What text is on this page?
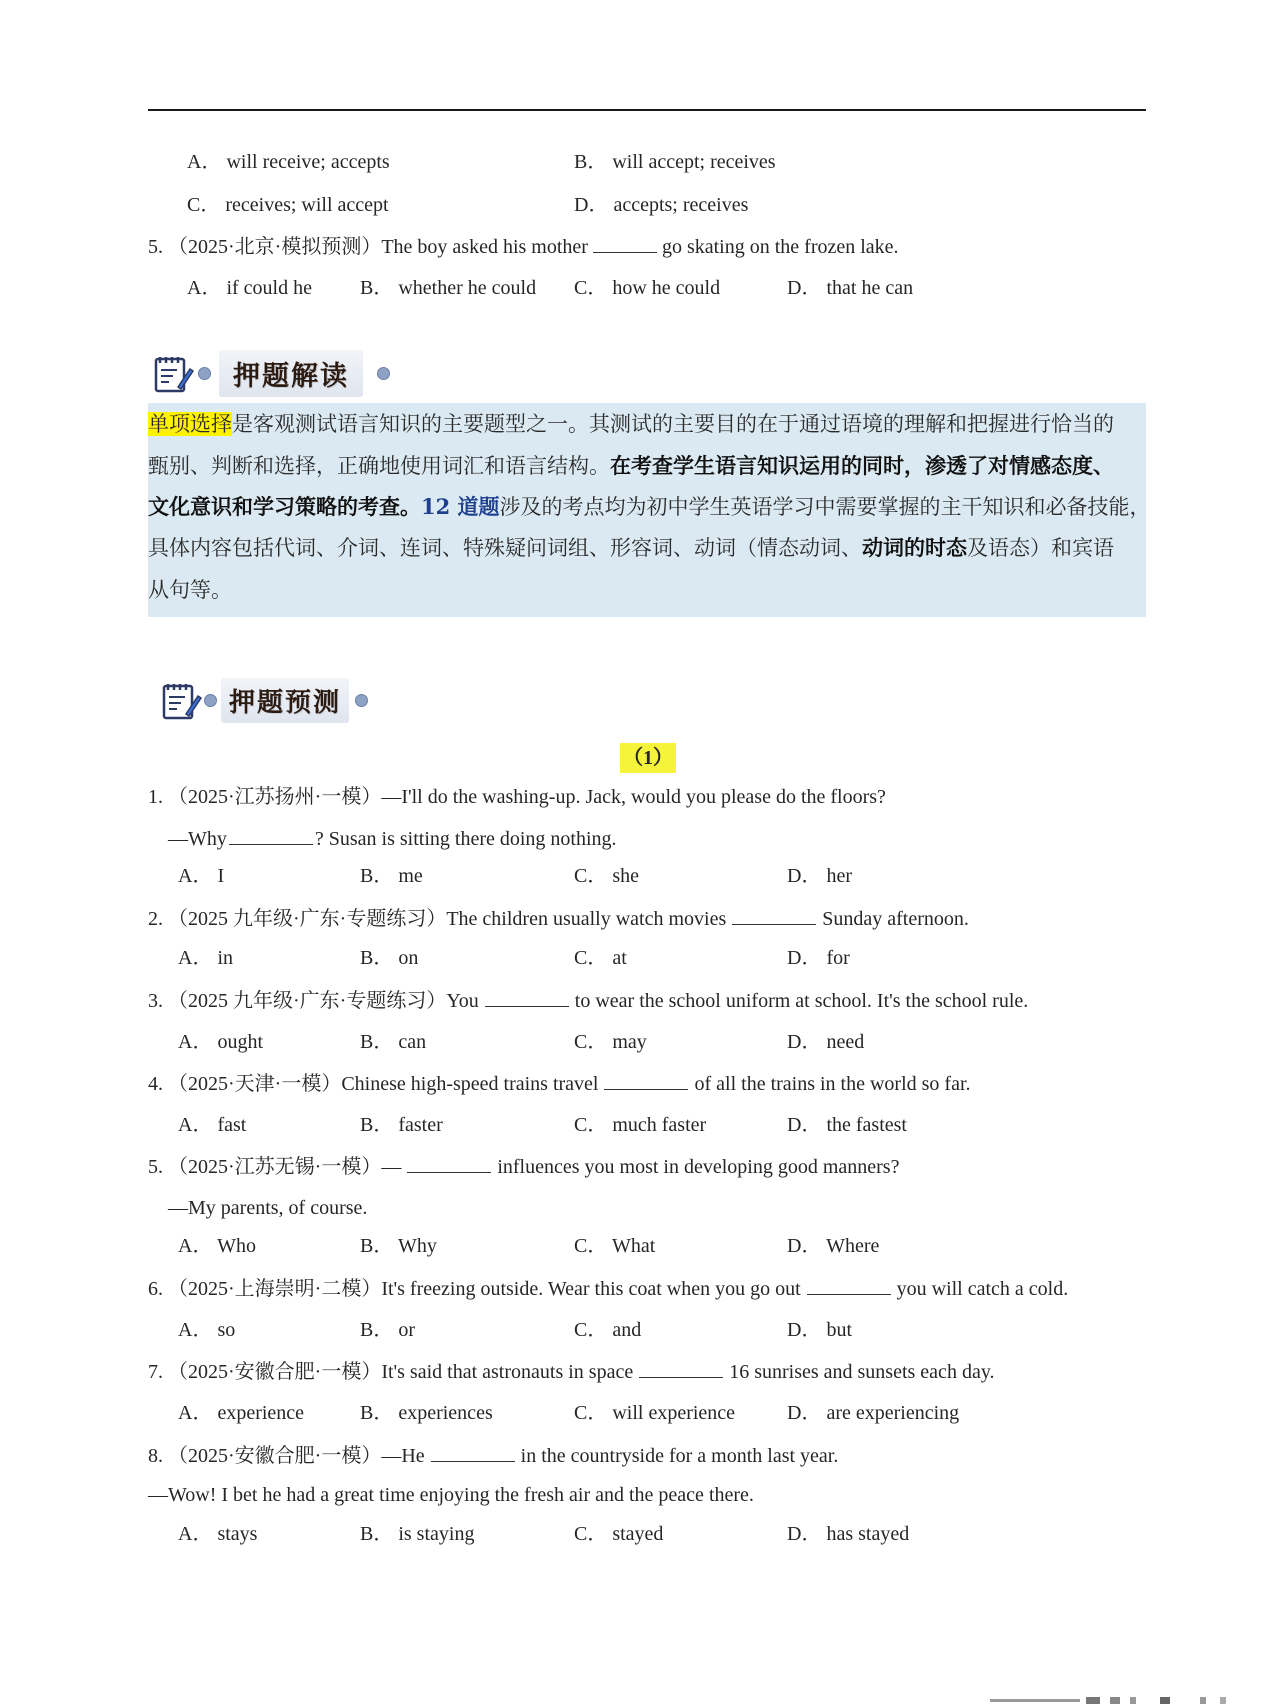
A． will receive; accepts	B． will accept; receives
C． receives; will accept	D． accepts; receives
5. （2025·北京·模拟预测）The boy asked his mother	go skating on the frozen lake.
A． if could he B． whether he could C． how he could	D． that he can
押题解读
单项选择是客观测试语言知识的主要题型之一。其测试的主要目的在于通过语境的理解和把握进行恰当的
甄别、判断和选择，正确地使用词汇和语言结构。在考查学生语言知识运用的同时，渗透了对情感态度、
文化意识和学习策略的考查。12 道题涉及的考点均为初中学生英语学习中需要掌握的主干知识和必备技能，
具体内容包括代词、介词、连词、特殊疑问词组、形容词、动词（情态动词、动词的时态及语态）和宾语
从句等。
押题预测
（1）
1. （2025·江苏扬州·一模）—I'll do the washing-up. Jack, would you please do the floors?
—Why	? Susan is sitting there doing nothing.
A． I	B． me	C． she	D． her
2. （2025 九年级·广东·专题练习）The children usually watch movies	Sunday afternoon.
A． in	B． on	C． at	D． for
3. （2025 九年级·广东·专题练习）You	to wear the school uniform at school. It's the school rule.
A． ought	B． can	C． may	D． need
4. （2025·天津·一模）Chinese high-speed trains travel	of all the trains in the world so far.
A． fast	B． faster	C． much faster	D． the fastest
5. （2025·江苏无锡·一模）—	influences you most in developing good manners?
—My parents, of course.
A． Who	B． Why	C． What	D． Where
6. （2025·上海崇明·二模）It's freezing outside. Wear this coat when you go out	you will catch a cold.
A． so	B． or	C． and	D． but
7. （2025·安徽合肥·一模）It's said that astronauts in space	16 sunrises and sunsets each day.
A． experience	B． experiences	C． will experience	D． are experiencing
8. （2025·安徽合肥·一模）—He	in the countryside for a month last year.
—Wow! I bet he had a great time enjoying the fresh air and the peace there.
A． stays	B． is staying	C． stayed	D． has stayed
